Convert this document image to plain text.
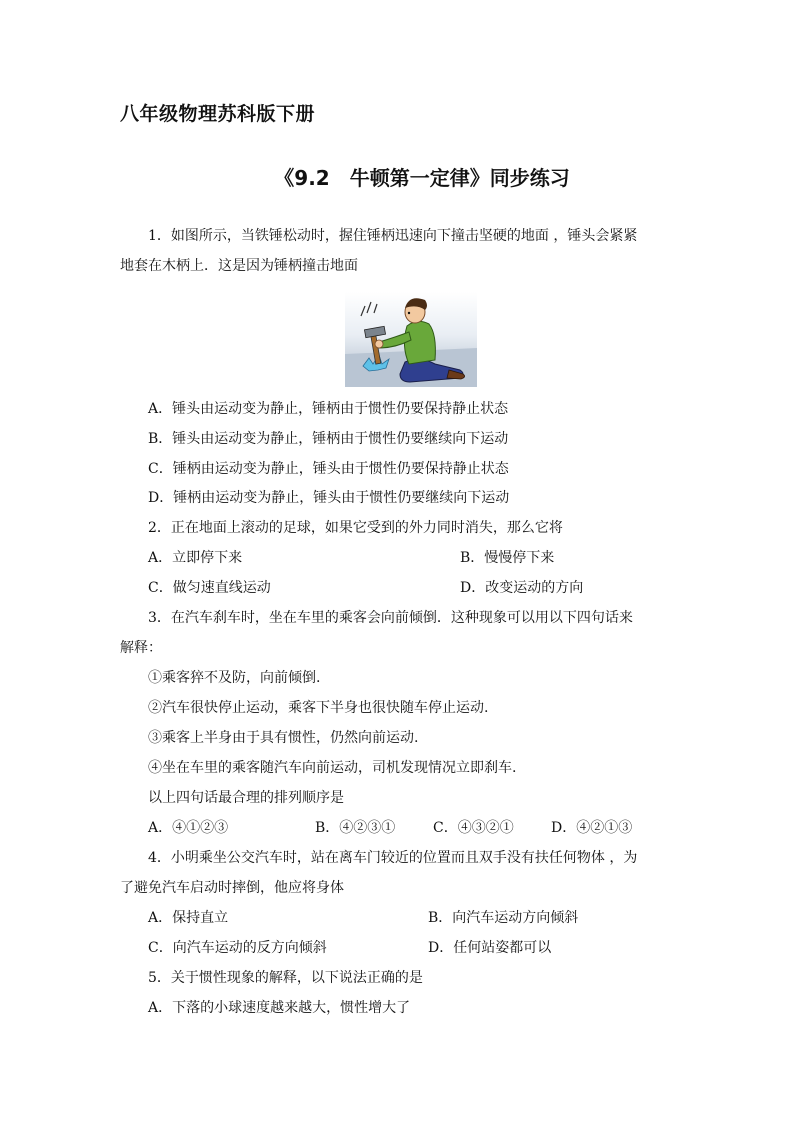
八年级物理苏科版下册
《9.2　牛顿第一定律》同步练习
1．如图所示，当铁锤松动时，握住锤柄迅速向下撞击坚硬的地面 ，锤头会紧紧
地套在木柄上．这是因为锤柄撞击地面
A．锤头由运动变为静止，锤柄由于惯性仍要保持静止状态
B．锤头由运动变为静止，锤柄由于惯性仍要继续向下运动
C．锤柄由运动变为静止，锤头由于惯性仍要保持静止状态
D．锤柄由运动变为静止，锤头由于惯性仍要继续向下运动
2．正在地面上滚动的足球，如果它受到的外力同时消失，那么它将
A．立即停下来	B．慢慢停下来
C．做匀速直线运动	D．改变运动的方向
3．在汽车刹车时，坐在车里的乘客会向前倾倒．这种现象可以用以下四句话来
解释：
①乘客猝不及防，向前倾倒.
②汽车很快停止运动，乘客下半身也很快随车停止运动.
③乘客上半身由于具有惯性，仍然向前运动.
④坐在车里的乘客随汽车向前运动，司机发现情况立即刹车.
以上四句话最合理的排列顺序是
A．④①②③	B．④②③①	C．④③②①	D．④②①③
4．小明乘坐公交汽车时，站在离车门较近的位置而且双手没有扶任何物体 ，为
了避免汽车启动时摔倒，他应将身体
A．保持直立	B．向汽车运动方向倾斜
C．向汽车运动的反方向倾斜	D．任何站姿都可以
5．关于惯性现象的解释，以下说法正确的是
A．下落的小球速度越来越大，惯性增大了
